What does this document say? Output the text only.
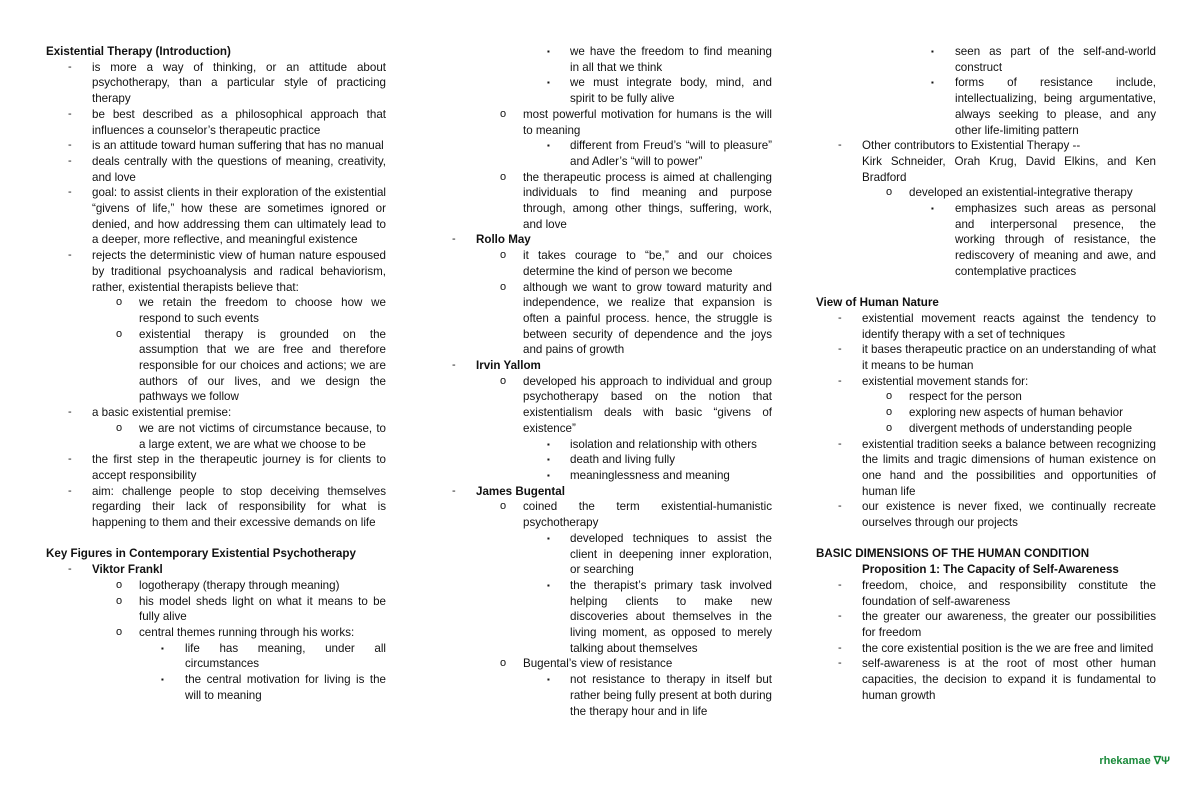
Existential Therapy (Introduction)
- is more a way of thinking, or an attitude about psychotherapy, than a particular style of practicing therapy
- be best described as a philosophical approach that influences a counselor’s therapeutic practice
- is an attitude toward human suffering that has no manual
- deals centrally with the questions of meaning, creativity, and love
- goal: to assist clients in their exploration of the existential “givens of life,” how these are sometimes ignored or denied, and how addressing them can ultimately lead to a deeper, more reflective, and meaningful existence
- rejects the deterministic view of human nature espoused by traditional psychoanalysis and radical behaviorism, rather, existential therapists believe that:
o we retain the freedom to choose how we respond to such events
o existential therapy is grounded on the assumption that we are free and therefore responsible for our choices and actions; we are authors of our lives, and we design the pathways we follow
- a basic existential premise:
o we are not victims of circumstance because, to a large extent, we are what we choose to be
- the first step in the therapeutic journey is for clients to accept responsibility
- aim: challenge people to stop deceiving themselves regarding their lack of responsibility for what is happening to them and their excessive demands on life
Key Figures in Contemporary Existential Psychotherapy
- Viktor Frankl
o logotherapy (therapy through meaning)
o his model sheds light on what it means to be fully alive
o central themes running through his works:
▪ life has meaning, under all circumstances
▪ the central motivation for living is the will to meaning
▪ we have the freedom to find meaning in all that we think
▪ we must integrate body, mind, and spirit to be fully alive
o most powerful motivation for humans is the will to meaning
▪ different from Freud’s “will to pleasure” and Adler’s “will to power”
o the therapeutic process is aimed at challenging individuals to find meaning and purpose through, among other things, suffering, work, and love
- Rollo May
o it takes courage to “be,” and our choices determine the kind of person we become
o although we want to grow toward maturity and independence, we realize that expansion is often a painful process. hence, the struggle is between security of dependence and the joys and pains of growth
- Irvin Yallom
o developed his approach to individual and group psychotherapy based on the notion that existentialism deals with basic “givens of existence”
▪ isolation and relationship with others
▪ death and living fully
▪ meaninglessness and meaning
- James Bugental
o coined the term existential-humanistic psychotherapy
▪ developed techniques to assist the client in deepening inner exploration, or searching
▪ the therapist’s primary task involved helping clients to make new discoveries about themselves in the living moment, as opposed to merely talking about themselves
o Bugental’s view of resistance
▪ not resistance to therapy in itself but rather being fully present at both during the therapy hour and in life
▪ seen as part of the self-and-world construct
▪ forms of resistance include, intellectualizing, being argumentative, always seeking to please, and any other life-limiting pattern
- Other contributors to Existential Therapy --
Kirk Schneider, Orah Krug, David Elkins, and Ken Bradford
o developed an existential-integrative therapy
▪ emphasizes such areas as personal and interpersonal presence, the working through of resistance, the rediscovery of meaning and awe, and contemplative practices
View of Human Nature
- existential movement reacts against the tendency to identify therapy with a set of techniques
- it bases therapeutic practice on an understanding of what it means to be human
- existential movement stands for:
o respect for the person
o exploring new aspects of human behavior
o divergent methods of understanding people
- existential tradition seeks a balance between recognizing the limits and tragic dimensions of human existence on one hand and the possibilities and opportunities of human life
- our existence is never fixed, we continually recreate ourselves through our projects
BASIC DIMENSIONS OF THE HUMAN CONDITION
Proposition 1: The Capacity of Self-Awareness
- freedom, choice, and responsibility constitute the foundation of self-awareness
- the greater our awareness, the greater our possibilities for freedom
- the core existential position is the we are free and limited
- self-awareness is at the root of most other human capacities, the decision to expand it is fundamental to human growth
rhekamae ∇Ψ
